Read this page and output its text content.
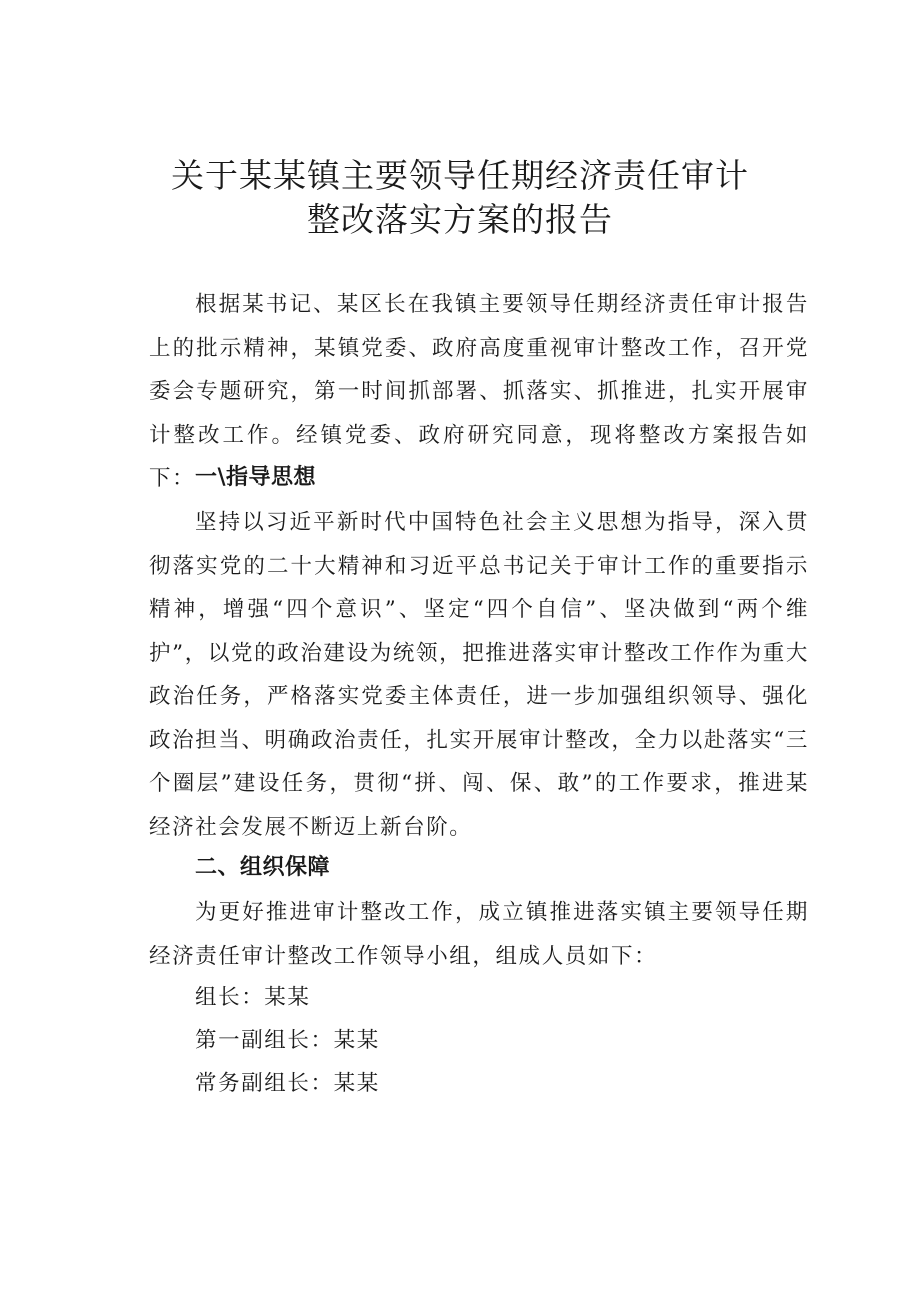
关于某某镇主要领导任期经济责任审计
整改落实方案的报告

根据某书记、某区长在我镇主要领导任期经济责任审计报告上的批示精神，某镇党委、政府高度重视审计整改工作，召开党委会专题研究，第一时间抓部署、抓落实、抓推进，扎实开展审计整改工作。经镇党委、政府研究同意，现将整改方案报告如下： 一\指导思想

坚持以习近平新时代中国特色社会主义思想为指导，深入贯彻落实党的二十大精神和习近平总书记关于审计工作的重要指示精神，增强“四个意识”、坚定“四个自信”、坚决做到“两个维护”，以党的政治建设为统领，把推进落实审计整改工作作为重大政治任务，严格落实党委主体责任，进一步加强组织领导、强化政治担当、明确政治责任，扎实开展审计整改，全力以赴落实“三个圈层”建设任务，贯彻“拼、闯、保、敢”的工作要求，推进某经济社会发展不断迈上新台阶。

二、组织保障

为更好推进审计整改工作，成立镇推进落实镇主要领导任期经济责任审计整改工作领导小组，组成人员如下：

组长：某某
第一副组长：某某
常务副组长：某某
